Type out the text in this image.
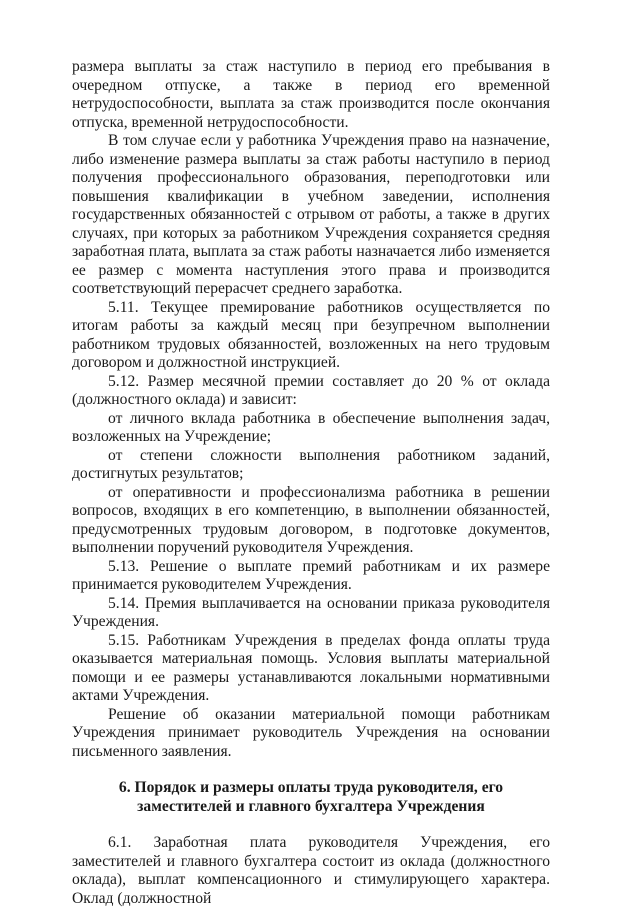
размера выплаты за стаж наступило в период его пребывания в очередном отпуске, а также в период его временной нетрудоспособности, выплата за стаж производится после окончания отпуска, временной нетрудоспособности.

В том случае если у работника Учреждения право на назначение, либо изменение размера выплаты за стаж работы наступило в период получения профессионального образования, переподготовки или повышения квалификации в учебном заведении, исполнения государственных обязанностей с отрывом от работы, а также в других случаях, при которых за работником Учреждения сохраняется средняя заработная плата, выплата за стаж работы назначается либо изменяется ее размер с момента наступления этого права и производится соответствующий перерасчет среднего заработка.

5.11. Текущее премирование работников осуществляется по итогам работы за каждый месяц при безупречном выполнении работником трудовых обязанностей, возложенных на него трудовым договором и должностной инструкцией.

5.12. Размер месячной премии составляет до 20 % от оклада (должностного оклада) и зависит:

от личного вклада работника в обеспечение выполнения задач, возложенных на Учреждение;

от степени сложности выполнения работником заданий, достигнутых результатов;

от оперативности и профессионализма работника в решении вопросов, входящих в его компетенцию, в выполнении обязанностей, предусмотренных трудовым договором, в подготовке документов, выполнении поручений руководителя Учреждения.

5.13. Решение о выплате премий работникам и их размере принимается руководителем Учреждения.

5.14. Премия выплачивается на основании приказа руководителя Учреждения.

5.15. Работникам Учреждения в пределах фонда оплаты труда оказывается материальная помощь. Условия выплаты материальной помощи и ее размеры устанавливаются локальными нормативными актами Учреждения.

Решение об оказании материальной помощи работникам Учреждения принимает руководитель Учреждения на основании письменного заявления.

6. Порядок и размеры оплаты труда руководителя, его
заместителей и главного бухгалтера Учреждения

6.1. Заработная плата руководителя Учреждения, его заместителей и главного бухгалтера состоит из оклада (должностного оклада), выплат компенсационного и стимулирующего характера. Оклад (должностной
